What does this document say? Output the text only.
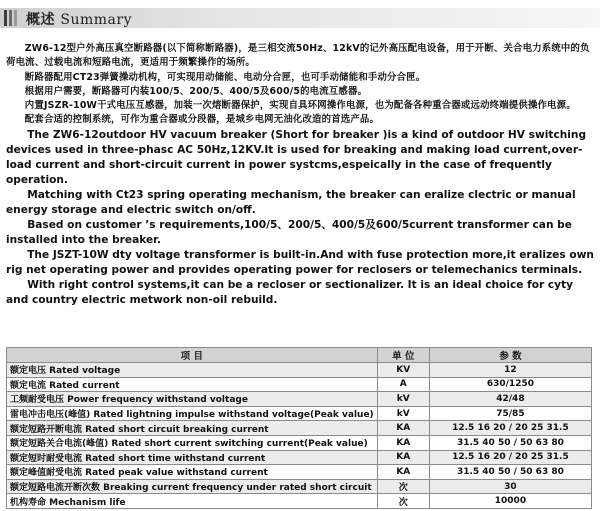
概述 Summary

ZW6-12型户外高压真空断路器(以下简称断路器)，是三相交流50Hz、12kV的记外高压配电设备，用于开断、关合电力系统中的负荷电流、过载电流和短路电流，更适用于频繁操作的场所。

断路器配用CT23弹簧操动机构，可实现用动储能、电动分合匣，也可手动储能和手动分合匣。

根据用户需要，断路器可内装100/5、200/5、400/5及600/5的电流互感器。

内置JSZR-10W干式电压互感器，加装一次熔断器保护，实现自具环网操作电源，也为配备各种重合器或远动终端提供操作电源。

配套合适的控制系统，可作为重合器或分段器，是城乡电网无油化改造的首选产品。

The ZW6-12outdoor HV vacuum breaker (Short for breaker )is a kind of outdoor HV switching devices used in three-phasc AC 50Hz,12KV.It is used for breaking and making load current,over-load current and short-circuit current in power systcms,espeically in the case of frequently operation.

Matching with Ct23 spring operating mechanism, the breaker can eralize clectric or manual energy storage and electric switch on/off.

Based on customer ’s requirements,100/5、200/5、400/5及600/5current transformer can be installed into the breaker.

The JSZT-10W dty voltage transformer is built-in.And with fuse protection more,it eralizes own rig net operating power and provides operating power for reclosers or telemechanics terminals.

With right control systems,it can be a recloser or sectionalizer. It is an ideal choice for cyty and country electric metwork non-oil rebuild.

项 目	单 位	参 数
额定电压 Rated voltage	KV	12
额定电流 Rated current	A	630/1250
工频耐受电压 Power frequency withstand voltage	kV	42/48
雷电冲击电压(峰值) Rated lightning impulse withstand voltage(Peak value)	kV	75/85
额定短路开断电流 Rated short circuit breaking current	KA	12.5 16 20 / 20 25 31.5
额定短路关合电流(峰值) Rated short current switching current(Peak value)	KA	31.5 40 50 / 50 63 80
额定短时耐受电流 Rated short time withstand current	KA	12.5 16 20 / 20 25 31.5
额定峰值耐受电流 Rated peak value withstand current	KA	31.5 40 50 / 50 63 80
额定短路电流开断次数 Breaking current frequency under rated short circuit	次	30
机构寿命 Mechanism life	次	10000
